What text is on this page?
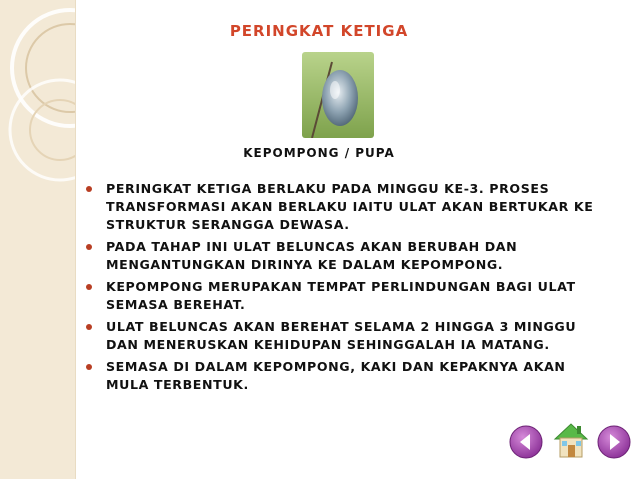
PERINGKAT KETIGA
KEPOMPONG / PUPA
PERINGKAT KETIGA BERLAKU PADA MINGGU KE-3. PROSES TRANSFORMASI AKAN BERLAKU IAITU ULAT AKAN BERTUKAR KE STRUKTUR SERANGGA DEWASA.
PADA TAHAP INI ULAT BELUNCAS AKAN BERUBAH DAN MENGANTUNGKAN DIRINYA KE DALAM KEPOMPONG.
KEPOMPONG MERUPAKAN TEMPAT PERLINDUNGAN BAGI ULAT SEMASA BEREHAT.
ULAT BELUNCAS AKAN BEREHAT SELAMA 2 HINGGA 3 MINGGU DAN MENERUSKAN KEHIDUPAN SEHINGGALAH IA MATANG.
SEMASA DI DALAM KEPOMPONG, KAKI DAN KEPAKNYA AKAN MULA TERBENTUK.
